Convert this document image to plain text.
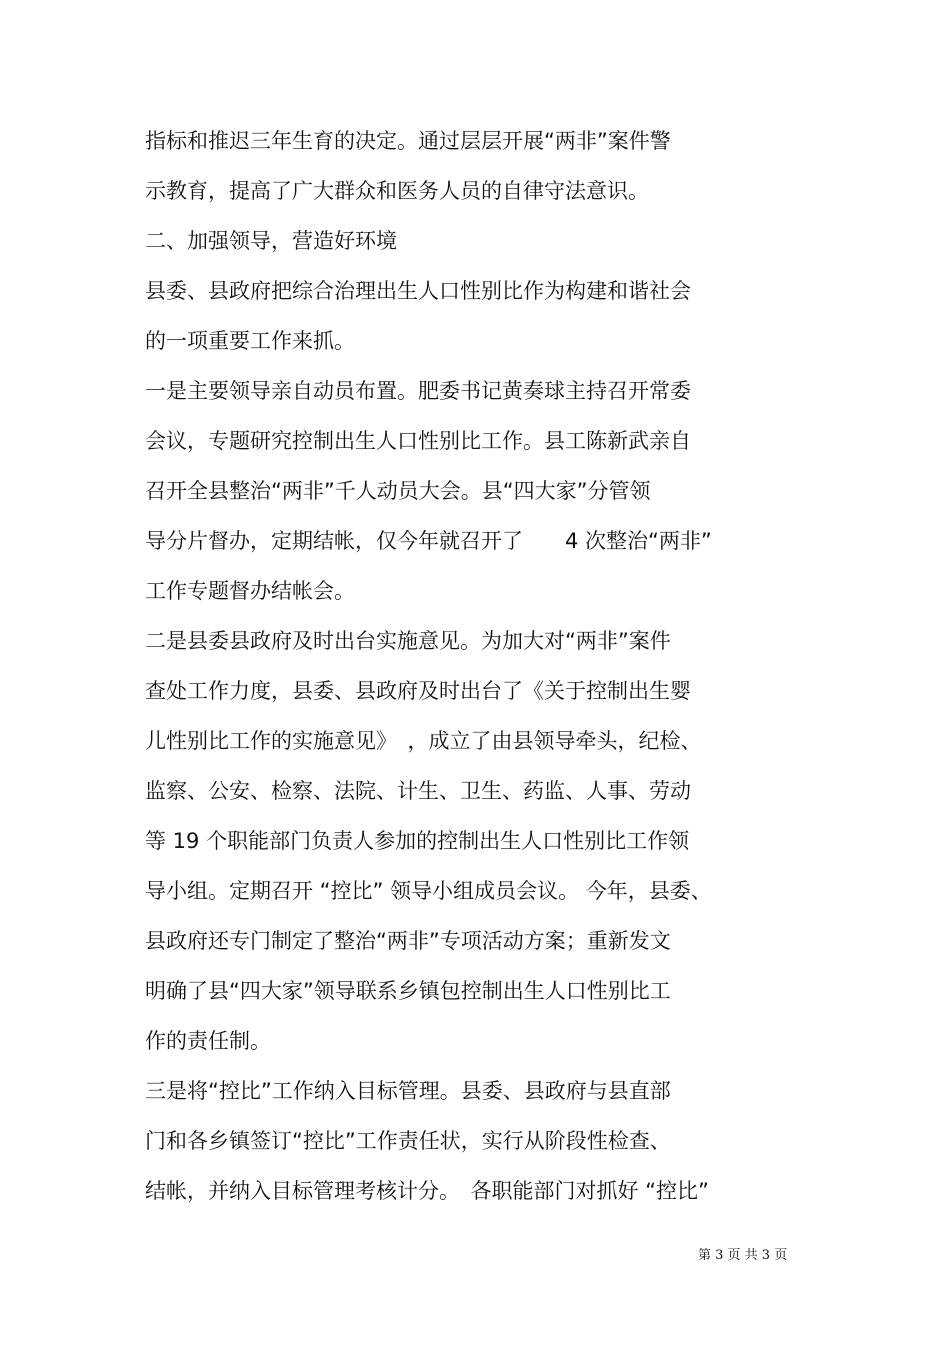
指标和推迟三年生育的决定。通过层层开展“两非”案件警
示教育，提高了广大群众和医务人员的自律守法意识。
二、加强领导，营造好环境
县委、县政府把综合治理出生人口性别比作为构建和谐社会
的一项重要工作来抓。
一是主要领导亲自动员布置。肥委书记黄奏球主持召开常委
会议，专题研究控制出生人口性别比工作。县工陈新武亲自
召开全县整治“两非”千人动员大会。县“四大家”分管领
导分片督办，定期结帐，仅今年就召开了　　4 次整治“两非”
工作专题督办结帐会。
二是县委县政府及时出台实施意见。为加大对“两非”案件
查处工作力度，县委、县政府及时出台了《关于控制出生婴
儿性别比工作的实施意见》　，成立了由县领导牵头，纪检、
监察、公安、检察、法院、计生、卫生、药监、人事、劳动
等 19 个职能部门负责人参加的控制出生人口性别比工作领
导小组。定期召开 “控比” 领导小组成员会议。 今年，县委、
县政府还专门制定了整治“两非”专项活动方案；重新发文
明确了县“四大家”领导联系乡镇包控制出生人口性别比工
作的责任制。
三是将“控比”工作纳入目标管理。县委、县政府与县直部
门和各乡镇签订“控比”工作责任状，实行从阶段性检查、
结帐，并纳入目标管理考核计分。　各职能部门对抓好 “控比”
第 3 页 共 3 页
